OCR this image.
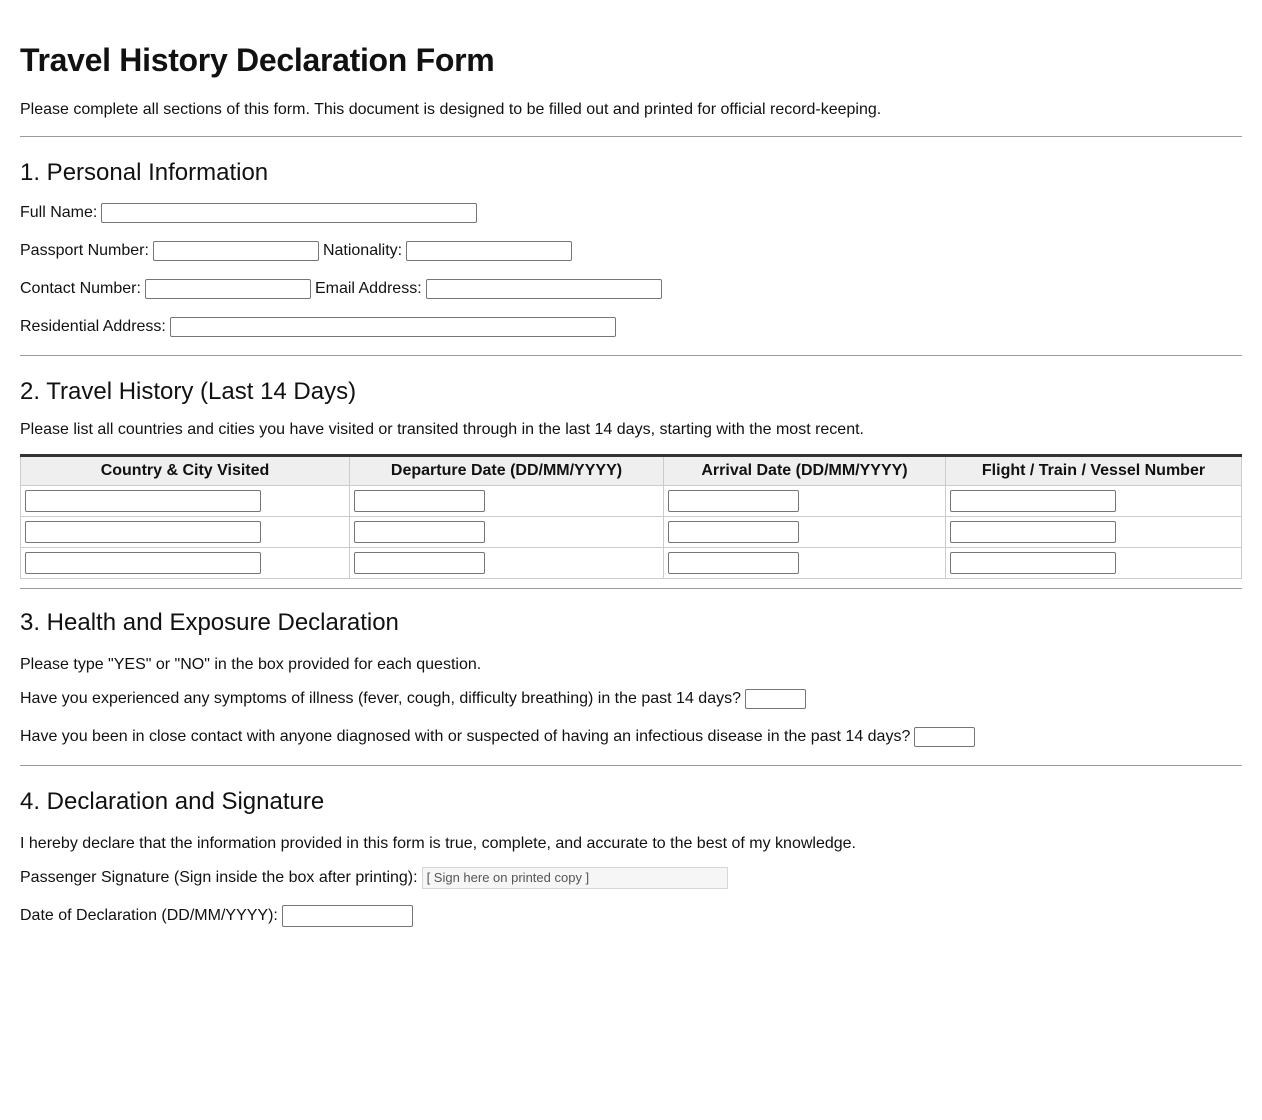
Travel History Declaration Form

Please complete all sections of this form. This document is designed to be filled out and printed for official record-keeping.

1. Personal Information
Full Name:
Passport Number:	Nationality:
Contact Number:	Email Address:
Residential Address:
2. Travel History (Last 14 Days)
Please list all countries and cities you have visited or transited through in the last 14 days, starting with the most recent.
Country & City Visited	Departure Date (DD/MM/YYYY)	Arrival Date (DD/MM/YYYY)	Flight / Train / Vessel Number

3. Health and Exposure Declaration
Please type "YES" or "NO" in the box provided for each question.
Have you experienced any symptoms of illness (fever, cough, difficulty breathing) in the past 14 days?
Have you been in close contact with anyone diagnosed with or suspected of having an infectious disease in the past 14 days?
4. Declaration and Signature
I hereby declare that the information provided in this form is true, complete, and accurate to the best of my knowledge.
Passenger Signature (Sign inside the box after printing): [ Sign here on printed copy ]
Date of Declaration (DD/MM/YYYY):
